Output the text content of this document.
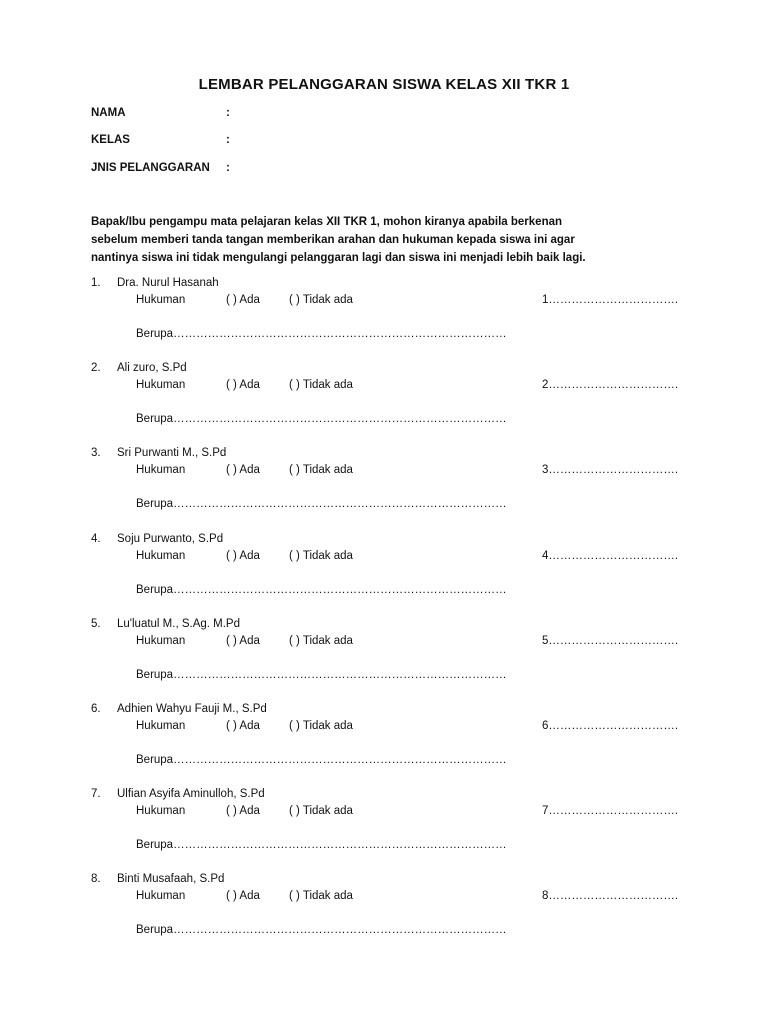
LEMBAR PELANGGARAN SISWA KELAS XII TKR 1
NAMA	:
KELAS	:
JNIS PELANGGARAN :

Bapak/Ibu pengampu mata pelajaran kelas XII TKR 1, mohon kiranya apabila berkenan

sebelum memberi tanda tangan memberikan arahan dan hukuman kepada siswa ini agar

nantinya siswa ini tidak mengulangi pelanggaran lagi dan siswa ini menjadi lebih baik lagi.

1. Dra. Nurul Hasanah
Hukuman	( ) Ada	( ) Tidak ada	1…………………………….
Berupa……………………………………………………………………………
2. Ali zuro, S.Pd
Hukuman	( ) Ada	( ) Tidak ada	2…………………………….
Berupa……………………………………………………………………………
3. Sri Purwanti M., S.Pd
Hukuman	( ) Ada	( ) Tidak ada	3…………………………….
Berupa……………………………………………………………………………
4. Soju Purwanto, S.Pd
Hukuman	( ) Ada	( ) Tidak ada	4…………………………….
Berupa……………………………………………………………………………
5. Lu'luatul M., S.Ag. M.Pd
Hukuman	( ) Ada	( ) Tidak ada	5…………………………….
Berupa……………………………………………………………………………
6. Adhien Wahyu Fauji M., S.Pd
Hukuman	( ) Ada	( ) Tidak ada	6…………………………….
Berupa……………………………………………………………………………
7. Ulfian Asyifa Aminulloh, S.Pd
Hukuman	( ) Ada	( ) Tidak ada	7…………………………….
Berupa……………………………………………………………………………
8. Binti Musafaah, S.Pd
Hukuman	( ) Ada	( ) Tidak ada	8…………………………….
Berupa……………………………………………………………………………
